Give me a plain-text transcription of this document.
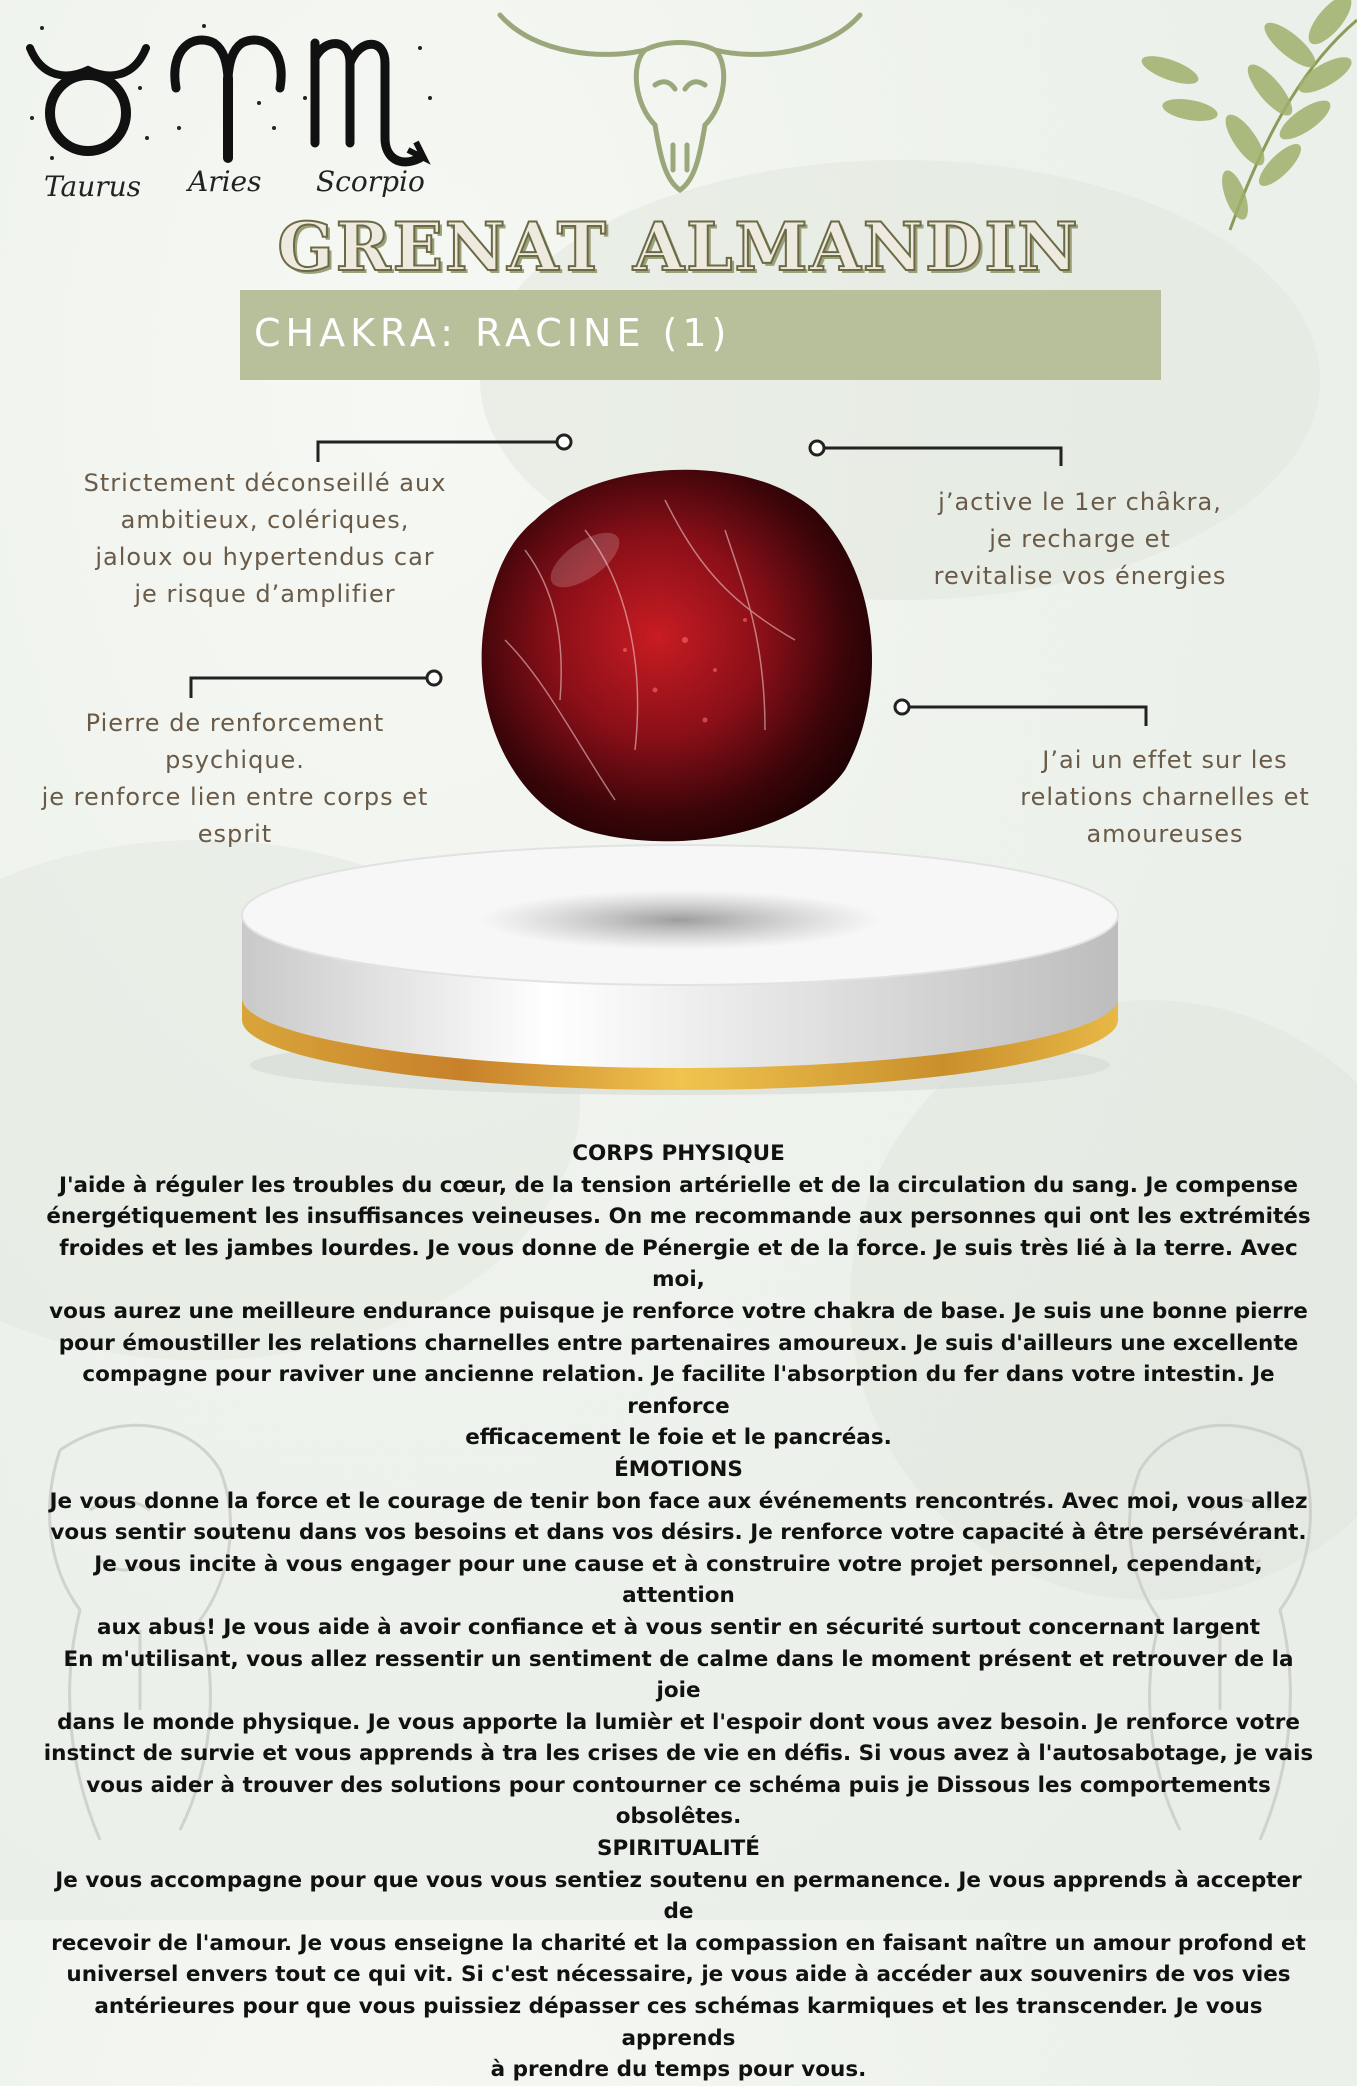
Taurus Aries Scorpio
GRENAT ALMANDIN
CHAKRA: RACINE (1)
Strictement déconseillé aux
ambitieux, colériques,
jaloux ou hypertendus car
je risque d’amplifier
Pierre de renforcement
psychique.
je renforce lien entre corps et
esprit
j’active le 1er chȃkra,
je recharge et
revitalise vos énergies
J’ai un effet sur les
relations charnelles et
amoureuses

CORPS PHYSIQUE

J'aide à réguler les troubles du cœur, de la tension artérielle et de la circulation du sang. Je compense

énergétiquement les insuffisances veineuses. On me recommande aux personnes qui ont les extrémités

froides et les jambes lourdes. Je vous donne de Pénergie et de la force. Je suis très lié à la terre. Avec moi,

vous aurez une meilleure endurance puisque je renforce votre chakra de base. Je suis une bonne pierre

pour émoustiller les relations charnelles entre partenaires amoureux. Je suis d'ailleurs une excellente

compagne pour raviver une ancienne relation. Je facilite l'absorption du fer dans votre intestin. Je renforce

efficacement le foie et le pancréas.

ÉMOTIONS

Je vous donne la force et le courage de tenir bon face aux événements rencontrés. Avec moi, vous allez

vous sentir soutenu dans vos besoins et dans vos désirs. Je renforce votre capacité à être persévérant.

Je vous incite à vous engager pour une cause et à construire votre projet personnel, cependant, attention

aux abus! Je vous aide à avoir confiance et à vous sentir en sécurité surtout concernant largent

En m'utilisant, vous allez ressentir un sentiment de calme dans le moment présent et retrouver de la joie

dans le monde physique. Je vous apporte la lumièr et l'espoir dont vous avez besoin. Je renforce votre

instinct de survie et vous apprends à tra les crises de vie en défis. Si vous avez à l'autosabotage, je vais

vous aider à trouver des solutions pour contourner ce schéma puis je Dissous les comportements

obsolêtes.

SPIRITUALITÉ

Je vous accompagne pour que vous vous sentiez soutenu en permanence. Je vous apprends à accepter de

recevoir de l'amour. Je vous enseigne la charité et la compassion en faisant naître un amour profond et

universel envers tout ce qui vit. Si c'est nécessaire, je vous aide à accéder aux souvenirs de vos vies

antérieures pour que vous puissiez dépasser ces schémas karmiques et les transcender. Je vous apprends

à prendre du temps pour vous.
